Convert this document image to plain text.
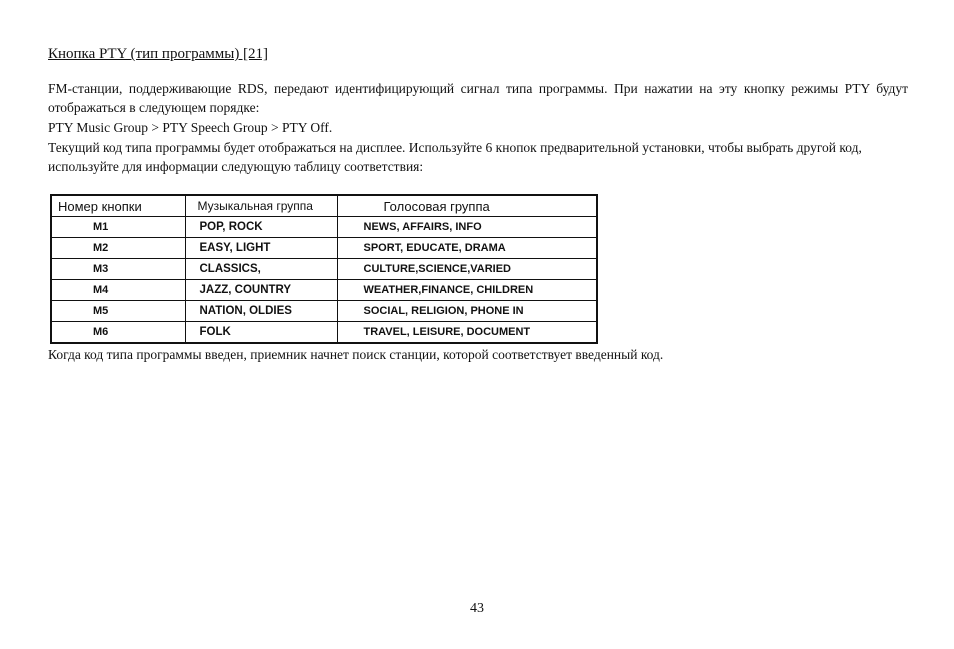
Кнопка PTY (тип программы) [21]
FM-станции, поддерживающие RDS, передают идентифицирующий сигнал типа программы. При нажатии на эту кнопку режимы PTY будут отображаться в следующем порядке:
PTY Music Group > PTY Speech Group > PTY Off.
Текущий код типа программы будет отображаться на дисплее. Используйте 6 кнопок предварительной установки, чтобы выбрать другой код, используйте для информации следующую таблицу соответствия:
Номер кнопки	Музыкальная группа	Голосовая группа
M1	POP, ROCK	NEWS, AFFAIRS, INFO
M2	EASY, LIGHT	SPORT, EDUCATE, DRAMA
M3	CLASSICS,	CULTURE,SCIENCE,VARIED
M4	JAZZ, COUNTRY	WEATHER,FINANCE, CHILDREN
M5	NATION, OLDIES	SOCIAL, RELIGION, PHONE IN
M6	FOLK	TRAVEL, LEISURE, DOCUMENT
Когда код типа программы введен, приемник начнет поиск станции, которой соответствует введенный код.
43
